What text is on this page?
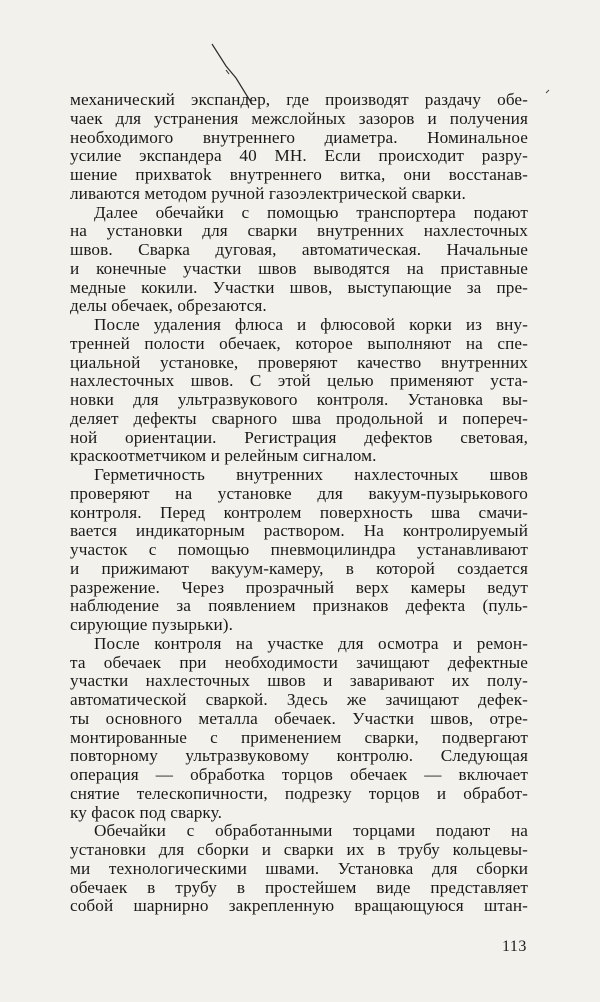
механический экспандер, где производят раздачу обе-
чаек для устранения межслойных зазоров и получения
необходимого внутреннего диаметра. Номинальное
усилие экспандера 40 МН. Если происходит разру-
шение прихватok внутреннего витка, они восстанав-
ливаются методом ручной газоэлектрической сварки.
Далее обечайки с помощью транспортера подают
на установки для сварки внутренних нахлесточных
швов. Сварка дуговая, автоматическая. Начальные
и конечные участки швов выводятся на приставные
медные кокили. Участки швов, выступающие за пре-
делы обечаек, обрезаются.
После удаления флюса и флюсовой корки из вну-
тренней полости обечаек, которое выполняют на спе-
циальной установке, проверяют качество внутренних
нахлесточных швов. С этой целью применяют уста-
новки для ультразвукового контроля. Установка вы-
деляет дефекты сварного шва продольной и попереч-
ной ориентации. Регистрация дефектов световая,
краскоотметчиком и релейным сигналом.
Герметичность внутренних нахлесточных швов
проверяют на установке для вакуум-пузырькового
контроля. Перед контролем поверхность шва смачи-
вается индикаторным раствором. На контролируемый
участок с помощью пневмоцилиндра устанавливают
и прижимают вакуум-камеру, в которой создается
разрежение. Через прозрачный верх камеры ведут
наблюдение за появлением признаков дефекта (пуль-
сирующие пузырьки).
После контроля на участке для осмотра и ремон-
та обечаек при необходимости зачищают дефектные
участки нахлесточных швов и заваривают их полу-
автоматической сваркой. Здесь же зачищают дефек-
ты основного металла обечаек. Участки швов, отре-
монтированные с применением сварки, подвергают
повторному ультразвуковому контролю. Следующая
операция — обработка торцов обечаек — включает
снятие телескопичности, подрезку торцов и обработ-
ку фасок под сварку.
Обечайки с обработанными торцами подают на
установки для сборки и сварки их в трубу кольцевы-
ми технологическими швами. Установка для сборки
обечаек в трубу в простейшем виде представляет
собой шарнирно закрепленную вращающуюся штан-
113
